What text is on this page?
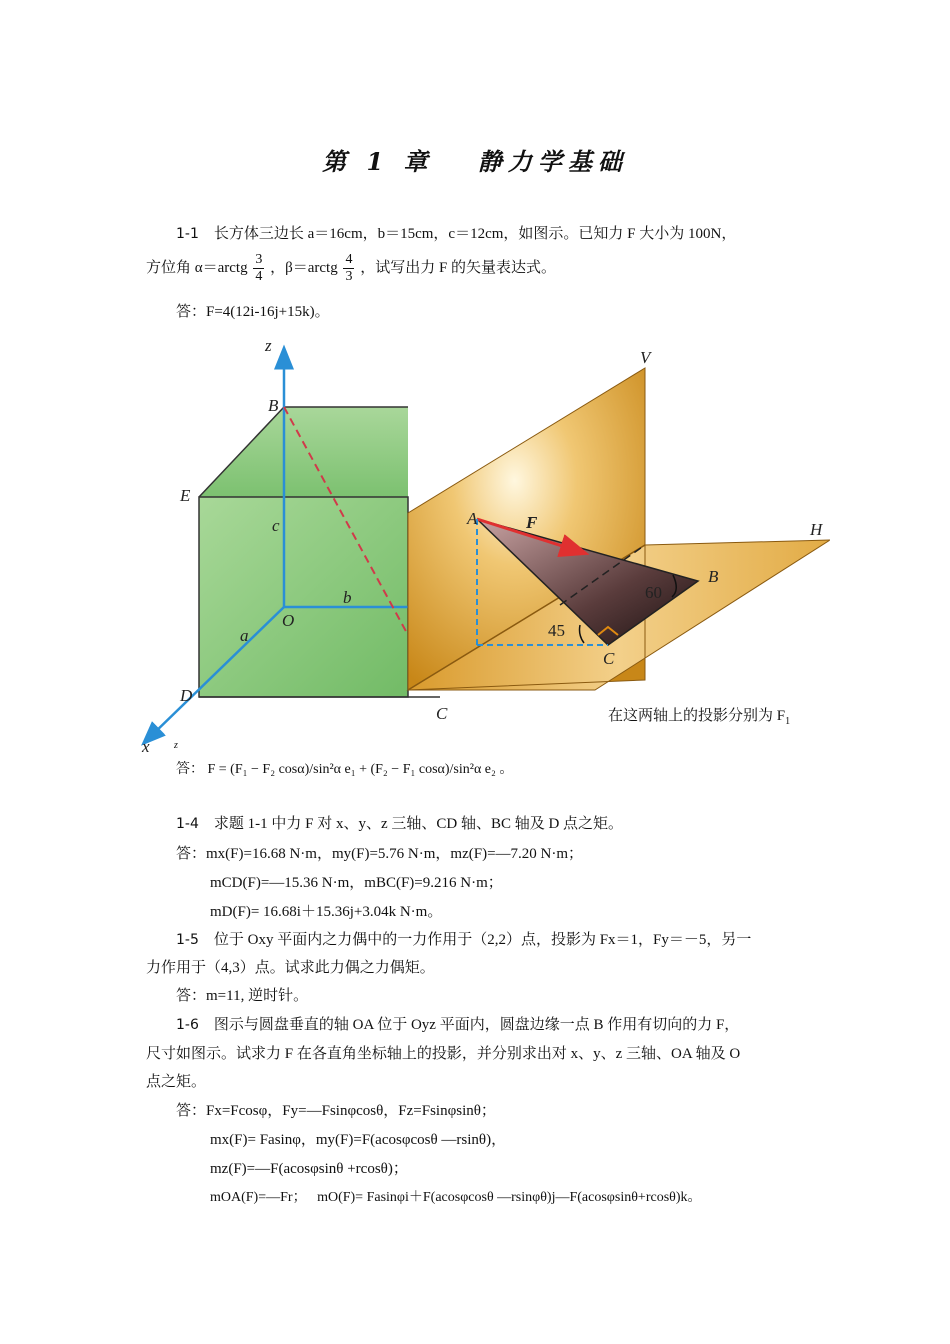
第 1 章　 静力学基础
1-1 长方体三边长 a＝16cm，b＝15cm，c＝12cm，如图示。已知力 F 大小为 100N，
方位角 α＝arctg $\frac{3}{4}$ ，β＝arctg $\frac{4}{3}$ ，试写出力 F 的矢量表达式。
答：F=4(12i-16j+15k)。
z
B
E
c
b
O
a
D
x
C
V
H
A	F
B
C
60
45
在这两轴上的投影分别为 $F_1$
z
答： F = (F₁ − F₂ cosα)/sin²α e₁ + (F₂ − F₁ cosα)/sin²α e₂ 。
1-4 求题 1-1 中力 F 对 x、y、z 三轴、CD 轴、BC 轴及 D 点之矩。
答：mx(F)=16.68 N·m，my(F)=5.76 N·m，mz(F)=—7.20 N·m；
mCD(F)=—15.36 N·m，mBC(F)=9.216 N·m；
mD(F)= 16.68i＋15.36j+3.04k N·m。
1-5 位于 Oxy 平面内之力偶中的一力作用于（2,2）点，投影为 Fx＝1，Fy＝－5，另一
力作用于（4,3）点。试求此力偶之力偶矩。
答：m=11, 逆时针。
1-6 图示与圆盘垂直的轴 OA 位于 Oyz 平面内，圆盘边缘一点 B 作用有切向的力 F，
尺寸如图示。试求力 F 在各直角坐标轴上的投影，并分别求出对 x、y、z 三轴、OA 轴及 O
点之矩。
答：Fx=Fcosφ，Fy=—Fsinφcosθ，Fz=Fsinφsinθ；
mx(F)= Fasinφ，my(F)=F(acosφcosθ —rsinθ)，
mz(F)=—F(acosφsinθ +rcosθ)；
mOA(F)=—Fr；　 mO(F)= Fasinφi＋F(acosφcosθ —rsinφθ)j—F(acosφsinθ+rcosθ)k。
